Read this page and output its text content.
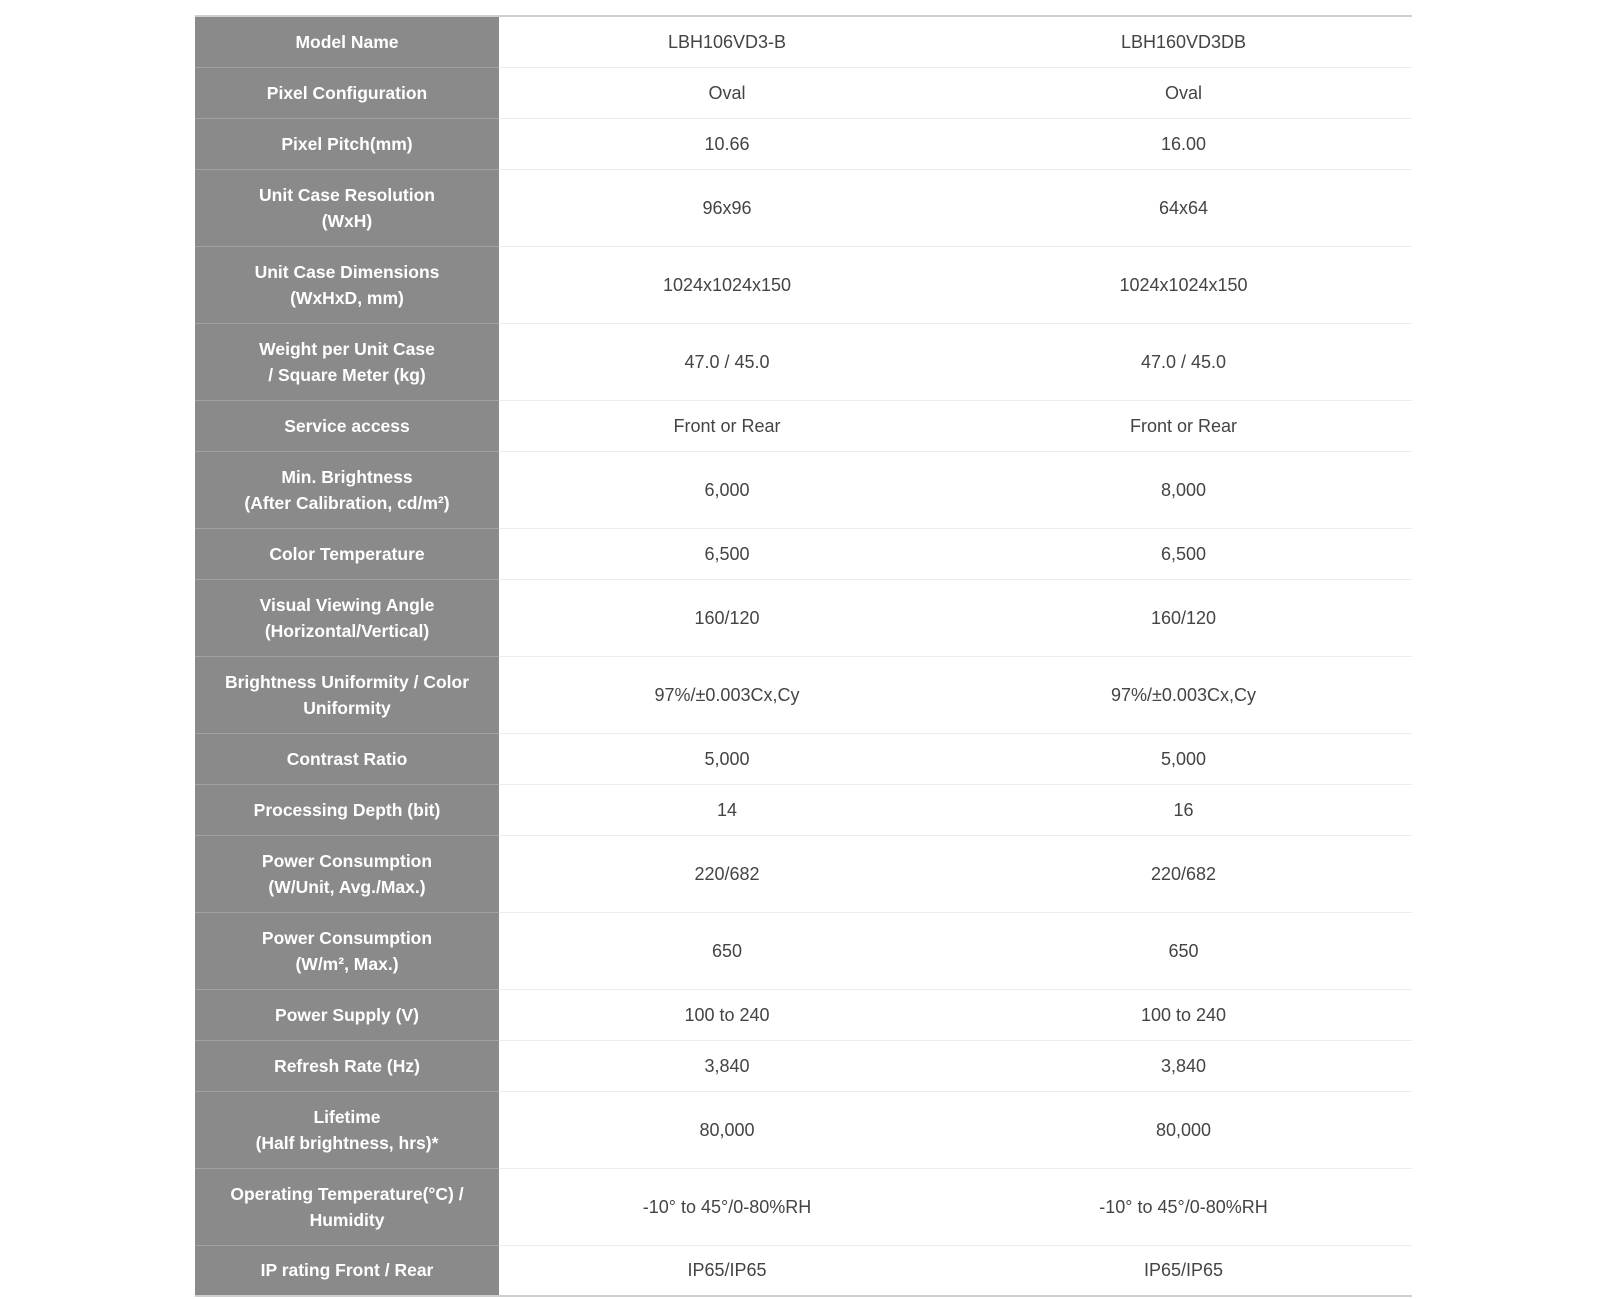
Model Name	LBH106VD3-B	LBH160VD3DB
Pixel Configuration	Oval	Oval
Pixel Pitch(mm)	10.66	16.00
Unit Case Resolution
(WxH)	96x96	64x64
Unit Case Dimensions
(WxHxD, mm)	1024x1024x150	1024x1024x150
Weight per Unit Case
/ Square Meter (kg)	47.0 / 45.0	47.0 / 45.0
Service access	Front or Rear	Front or Rear
Min. Brightness
(After Calibration, cd/m²)	6,000	8,000
Color Temperature	6,500	6,500
Visual Viewing Angle
(Horizontal/Vertical)	160/120	160/120
Brightness Uniformity / Color
Uniformity	97%/±0.003Cx,Cy	97%/±0.003Cx,Cy
Contrast Ratio	5,000	5,000
Processing Depth (bit)	14	16
Power Consumption
(W/Unit, Avg./Max.)	220/682	220/682
Power Consumption
(W/m², Max.)	650	650
Power Supply (V)	100 to 240	100 to 240
Refresh Rate (Hz)	3,840	3,840
Lifetime
(Half brightness, hrs)*	80,000	80,000
Operating Temperature(°C) /
Humidity	-10° to 45°/0-80%RH	-10° to 45°/0-80%RH
IP rating Front / Rear	IP65/IP65	IP65/IP65
